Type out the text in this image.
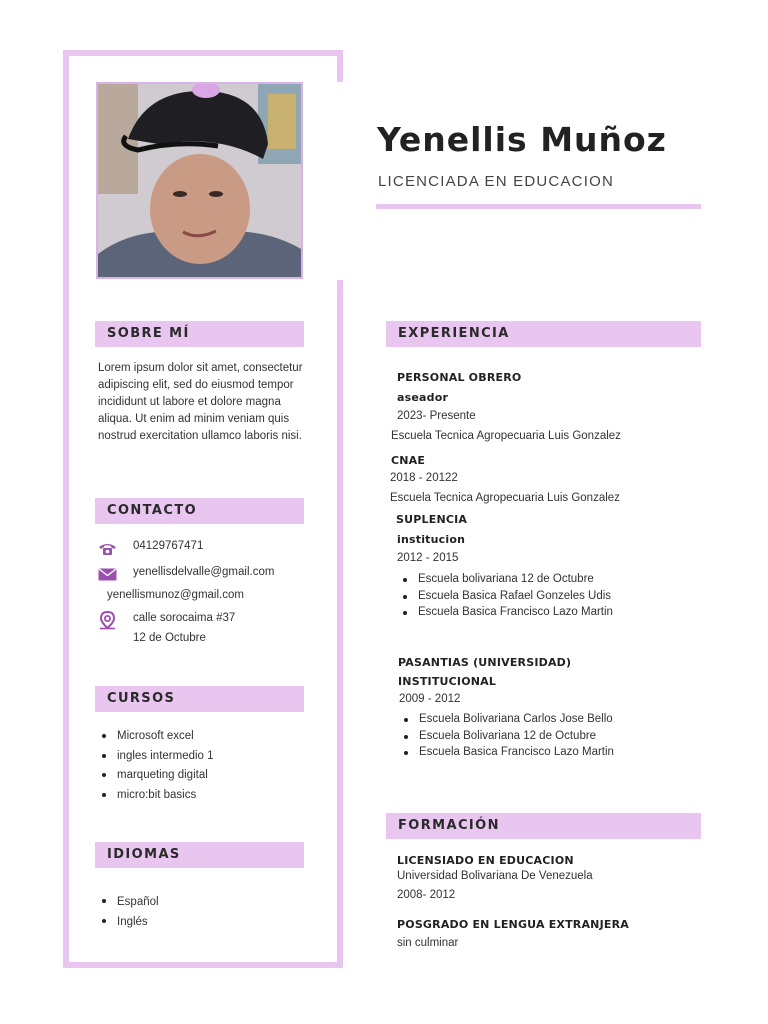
Yenellis Muñoz
LICENCIADA EN EDUCACION
SOBRE MÍ
Lorem ipsum dolor sit amet, consectetur adipiscing elit, sed do eiusmod tempor incididunt ut labore et dolore magna aliqua. Ut enim ad minim veniam quis nostrud exercitation ullamco laboris nisi.
CONTACTO
04129767471
yenellisdelvalle@gmail.com
yenellismunoz@gmail.com
calle sorocaima #37
12 de Octubre
CURSOS
Microsoft excel
ingles intermedio 1
marqueting digital
micro:bit basics
IDIOMAS
Español
Inglés
EXPERIENCIA
PERSONAL OBRERO
aseador
2023- Presente
Escuela Tecnica Agropecuaria Luis Gonzalez
CNAE
2018 - 20122
Escuela Tecnica Agropecuaria Luis Gonzalez
SUPLENCIA
institucion
2012 - 2015
Escuela bolivariana 12 de Octubre
Escuela Basica Rafael Gonzeles Udis
Escuela Basica Francisco Lazo Martin
PASANTIAS (UNIVERSIDAD)
INSTITUCIONAL
2009 - 2012
Escuela Bolivariana Carlos Jose Bello
Escuela Bolivariana 12 de Octubre
Escuela Basica Francisco Lazo Martin
FORMACIÓN
LICENSIADO EN EDUCACION
Universidad Bolivariana De Venezuela
2008- 2012
POSGRADO EN LENGUA EXTRANJERA
sin culminar
